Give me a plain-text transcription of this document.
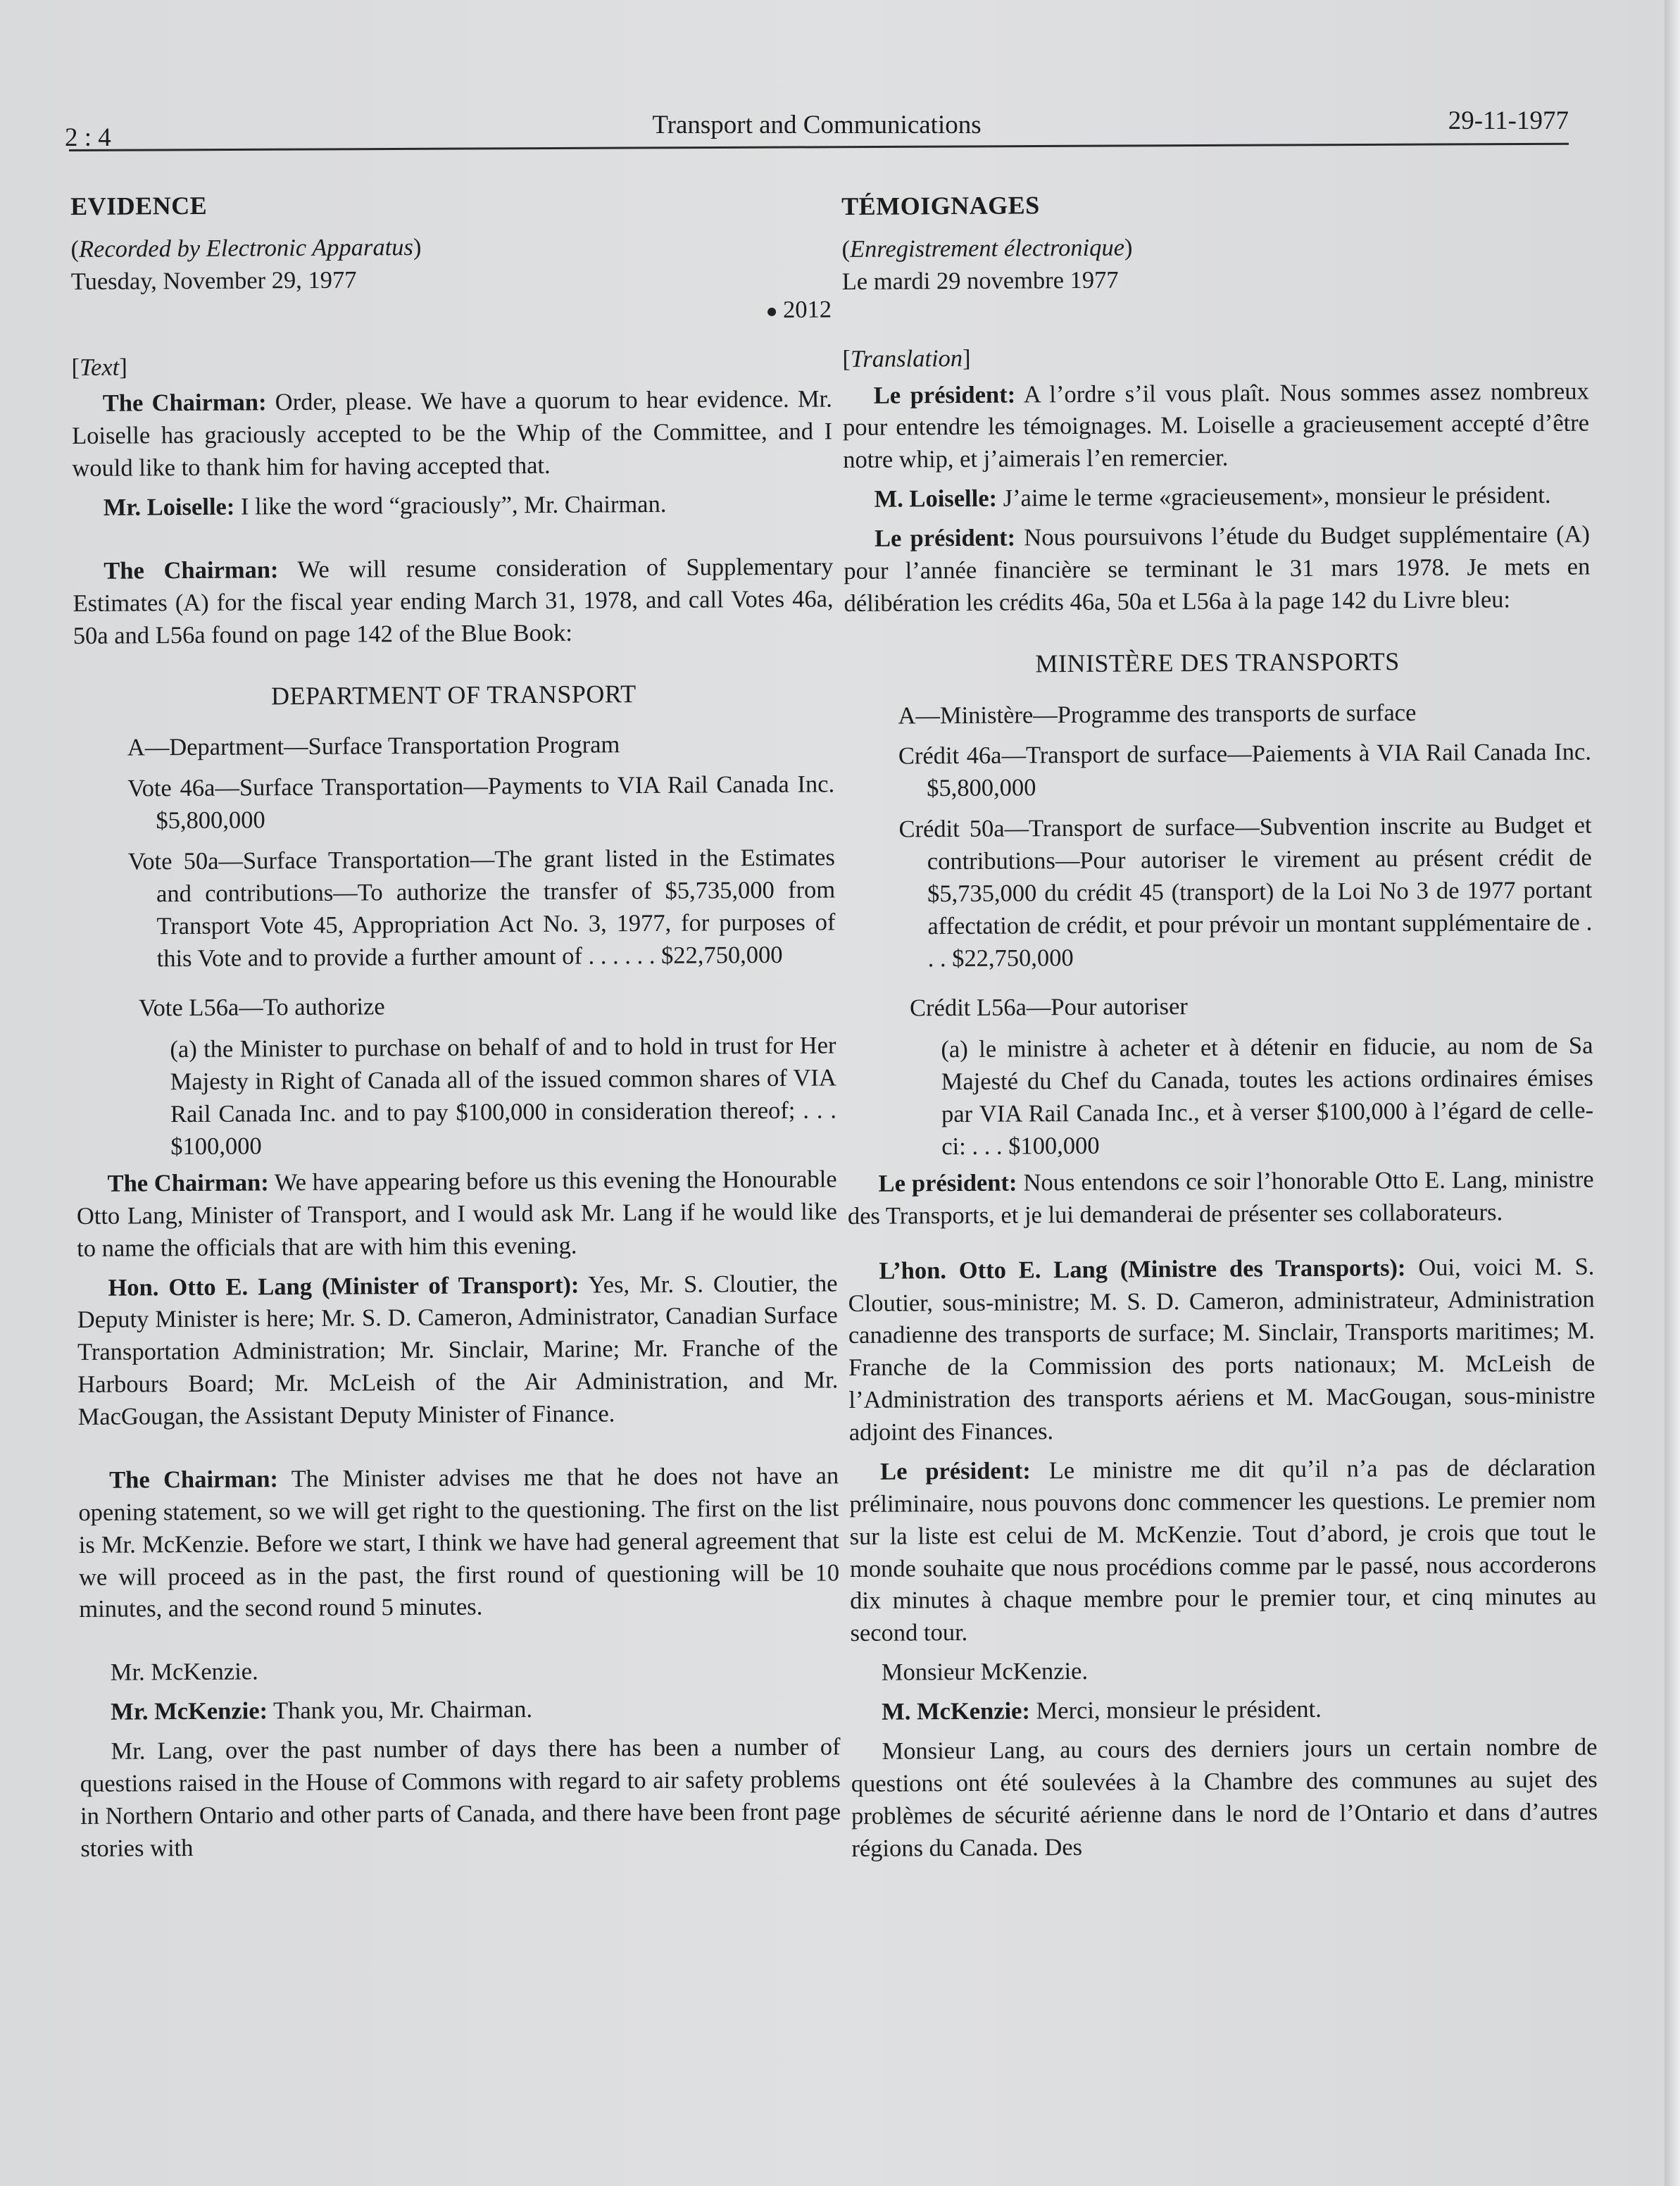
2 : 4	Transport and Communications	29-11-1977
EVIDENCE
(Recorded by Electronic Apparatus)
Tuesday, November 29, 1977
2012
[Text]

The Chairman: Order, please. We have a quorum to hear evidence. Mr. Loiselle has graciously accepted to be the Whip of the Committee, and I would like to thank him for having accepted that.

Mr. Loiselle: I like the word “graciously”, Mr. Chairman.

The Chairman: We will resume consideration of Supplementary Estimates (A) for the fiscal year ending March 31, 1978, and call Votes 46a, 50a and L56a found on page 142 of the Blue Book:

DEPARTMENT OF TRANSPORT
A—Department—Surface Transportation Program
Vote 46a—Surface Transportation—Payments to VIA Rail Canada Inc. $5,800,000
Vote 50a—Surface Transportation—The grant listed in the Estimates and contributions—To authorize the transfer of $5,735,000 from Transport Vote 45, Appropriation Act No. 3, 1977, for purposes of this Vote and to provide a further amount of . . . . . . $22,750,000
Vote L56a—To authorize
(a) the Minister to purchase on behalf of and to hold in trust for Her Majesty in Right of Canada all of the issued common shares of VIA Rail Canada Inc. and to pay $100,000 in consideration thereof; . . . $100,000

The Chairman: We have appearing before us this evening the Honourable Otto Lang, Minister of Transport, and I would ask Mr. Lang if he would like to name the officials that are with him this evening.

Hon. Otto E. Lang (Minister of Transport): Yes, Mr. S. Cloutier, the Deputy Minister is here; Mr. S. D. Cameron, Administrator, Canadian Surface Transportation Administration; Mr. Sinclair, Marine; Mr. Franche of the Harbours Board; Mr. McLeish of the Air Administration, and Mr. MacGougan, the Assistant Deputy Minister of Finance.

The Chairman: The Minister advises me that he does not have an opening statement, so we will get right to the questioning. The first on the list is Mr. McKenzie. Before we start, I think we have had general agreement that we will proceed as in the past, the first round of questioning will be 10 minutes, and the second round 5 minutes.

Mr. McKenzie.

Mr. McKenzie: Thank you, Mr. Chairman.

Mr. Lang, over the past number of days there has been a number of questions raised in the House of Commons with regard to air safety problems in Northern Ontario and other parts of Canada, and there have been front page stories with

TÉMOIGNAGES
(Enregistrement électronique)
Le mardi 29 novembre 1977
[Translation]

Le président: A l’ordre s’il vous plaît. Nous sommes assez nombreux pour entendre les témoignages. M. Loiselle a gracieusement accepté d’être notre whip, et j’aimerais l’en remercier.

M. Loiselle: J’aime le terme «gracieusement», monsieur le président.

Le président: Nous poursuivons l’étude du Budget supplémentaire (A) pour l’année financière se terminant le 31 mars 1978. Je mets en délibération les crédits 46a, 50a et L56a à la page 142 du Livre bleu:

MINISTÈRE DES TRANSPORTS
A—Ministère—Programme des transports de surface
Crédit 46a—Transport de surface—Paiements à VIA Rail Canada Inc. $5,800,000
Crédit 50a—Transport de surface—Subvention inscrite au Budget et contributions—Pour autoriser le virement au présent crédit de $5,735,000 du crédit 45 (transport) de la Loi No 3 de 1977 portant affectation de crédit, et pour prévoir un montant supplémentaire de . . . $22,750,000
Crédit L56a—Pour autoriser
(a) le ministre à acheter et à détenir en fiducie, au nom de Sa Majesté du Chef du Canada, toutes les actions ordinaires émises par VIA Rail Canada Inc., et à verser $100,000 à l’égard de celle-ci: . . . $100,000

Le président: Nous entendons ce soir l’honorable Otto E. Lang, ministre des Transports, et je lui demanderai de présenter ses collaborateurs.

L’hon. Otto E. Lang (Ministre des Transports): Oui, voici M. S. Cloutier, sous-ministre; M. S. D. Cameron, administrateur, Administration canadienne des transports de surface; M. Sinclair, Transports maritimes; M. Franche de la Commission des ports nationaux; M. McLeish de l’Administration des transports aériens et M. MacGougan, sous-ministre adjoint des Finances.

Le président: Le ministre me dit qu’il n’a pas de déclaration préliminaire, nous pouvons donc commencer les questions. Le premier nom sur la liste est celui de M. McKenzie. Tout d’abord, je crois que tout le monde souhaite que nous procédions comme par le passé, nous accorderons dix minutes à chaque membre pour le premier tour, et cinq minutes au second tour.

Monsieur McKenzie.

M. McKenzie: Merci, monsieur le président.

Monsieur Lang, au cours des derniers jours un certain nombre de questions ont été soulevées à la Chambre des communes au sujet des problèmes de sécurité aérienne dans le nord de l’Ontario et dans d’autres régions du Canada. Des
